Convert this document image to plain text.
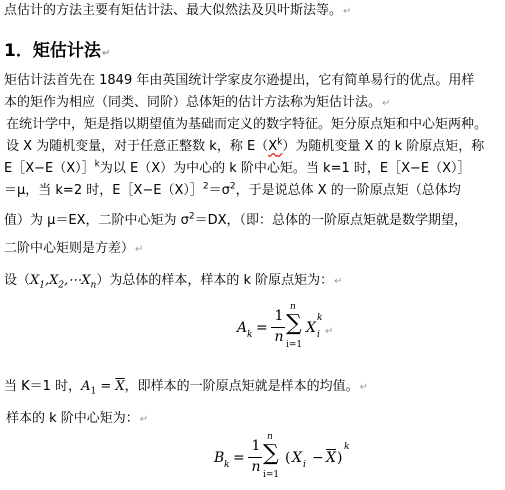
点估计的方法主要有矩估计法、最大似然法及贝叶斯法等。↵
1．矩估计法↵
矩估计法首先在 1849 年由英国统计学家皮尔逊提出，它有简单易行的优点。用样
本的矩作为相应（同类、同阶）总体矩的估计方法称为矩估计法。↵
在统计学中，矩是指以期望值为基础而定义的数字特征。矩分原点矩和中心矩两种。
设 X 为随机变量，对于任意正整数 k，称 $E(X^k)$为随机变量 X 的 k 阶原点矩，称
E［X−E（X）］$^k$为以 E（X）为中心的 k 阶中心矩。当 k=1 时，E［X−E（X）］
＝μ，当 k=2 时，$E[X-E(X)]^2=\sigma^2$，于是说总体 X 的一阶原点矩（总体均
值）为 μ＝EX，二阶中心矩为 $\sigma^2=DX$，（即：总体的一阶原点矩就是数学期望，
二阶中心矩则是方差）↵
设$(X_1,X_2,\cdots X_n)$为总体的样本，样本的 k 阶原点矩为：↵
A k =
1
n
n
∑
i=1
X i
k
↵
当 K＝1 时，$A_1 = \overline{X}$，即样本的一阶原点矩就是样本的均值。↵
样本的 k 阶中心矩为：↵
B k =
1
n
n
∑
i=1
( X $i - \overline{X}$ )
k
